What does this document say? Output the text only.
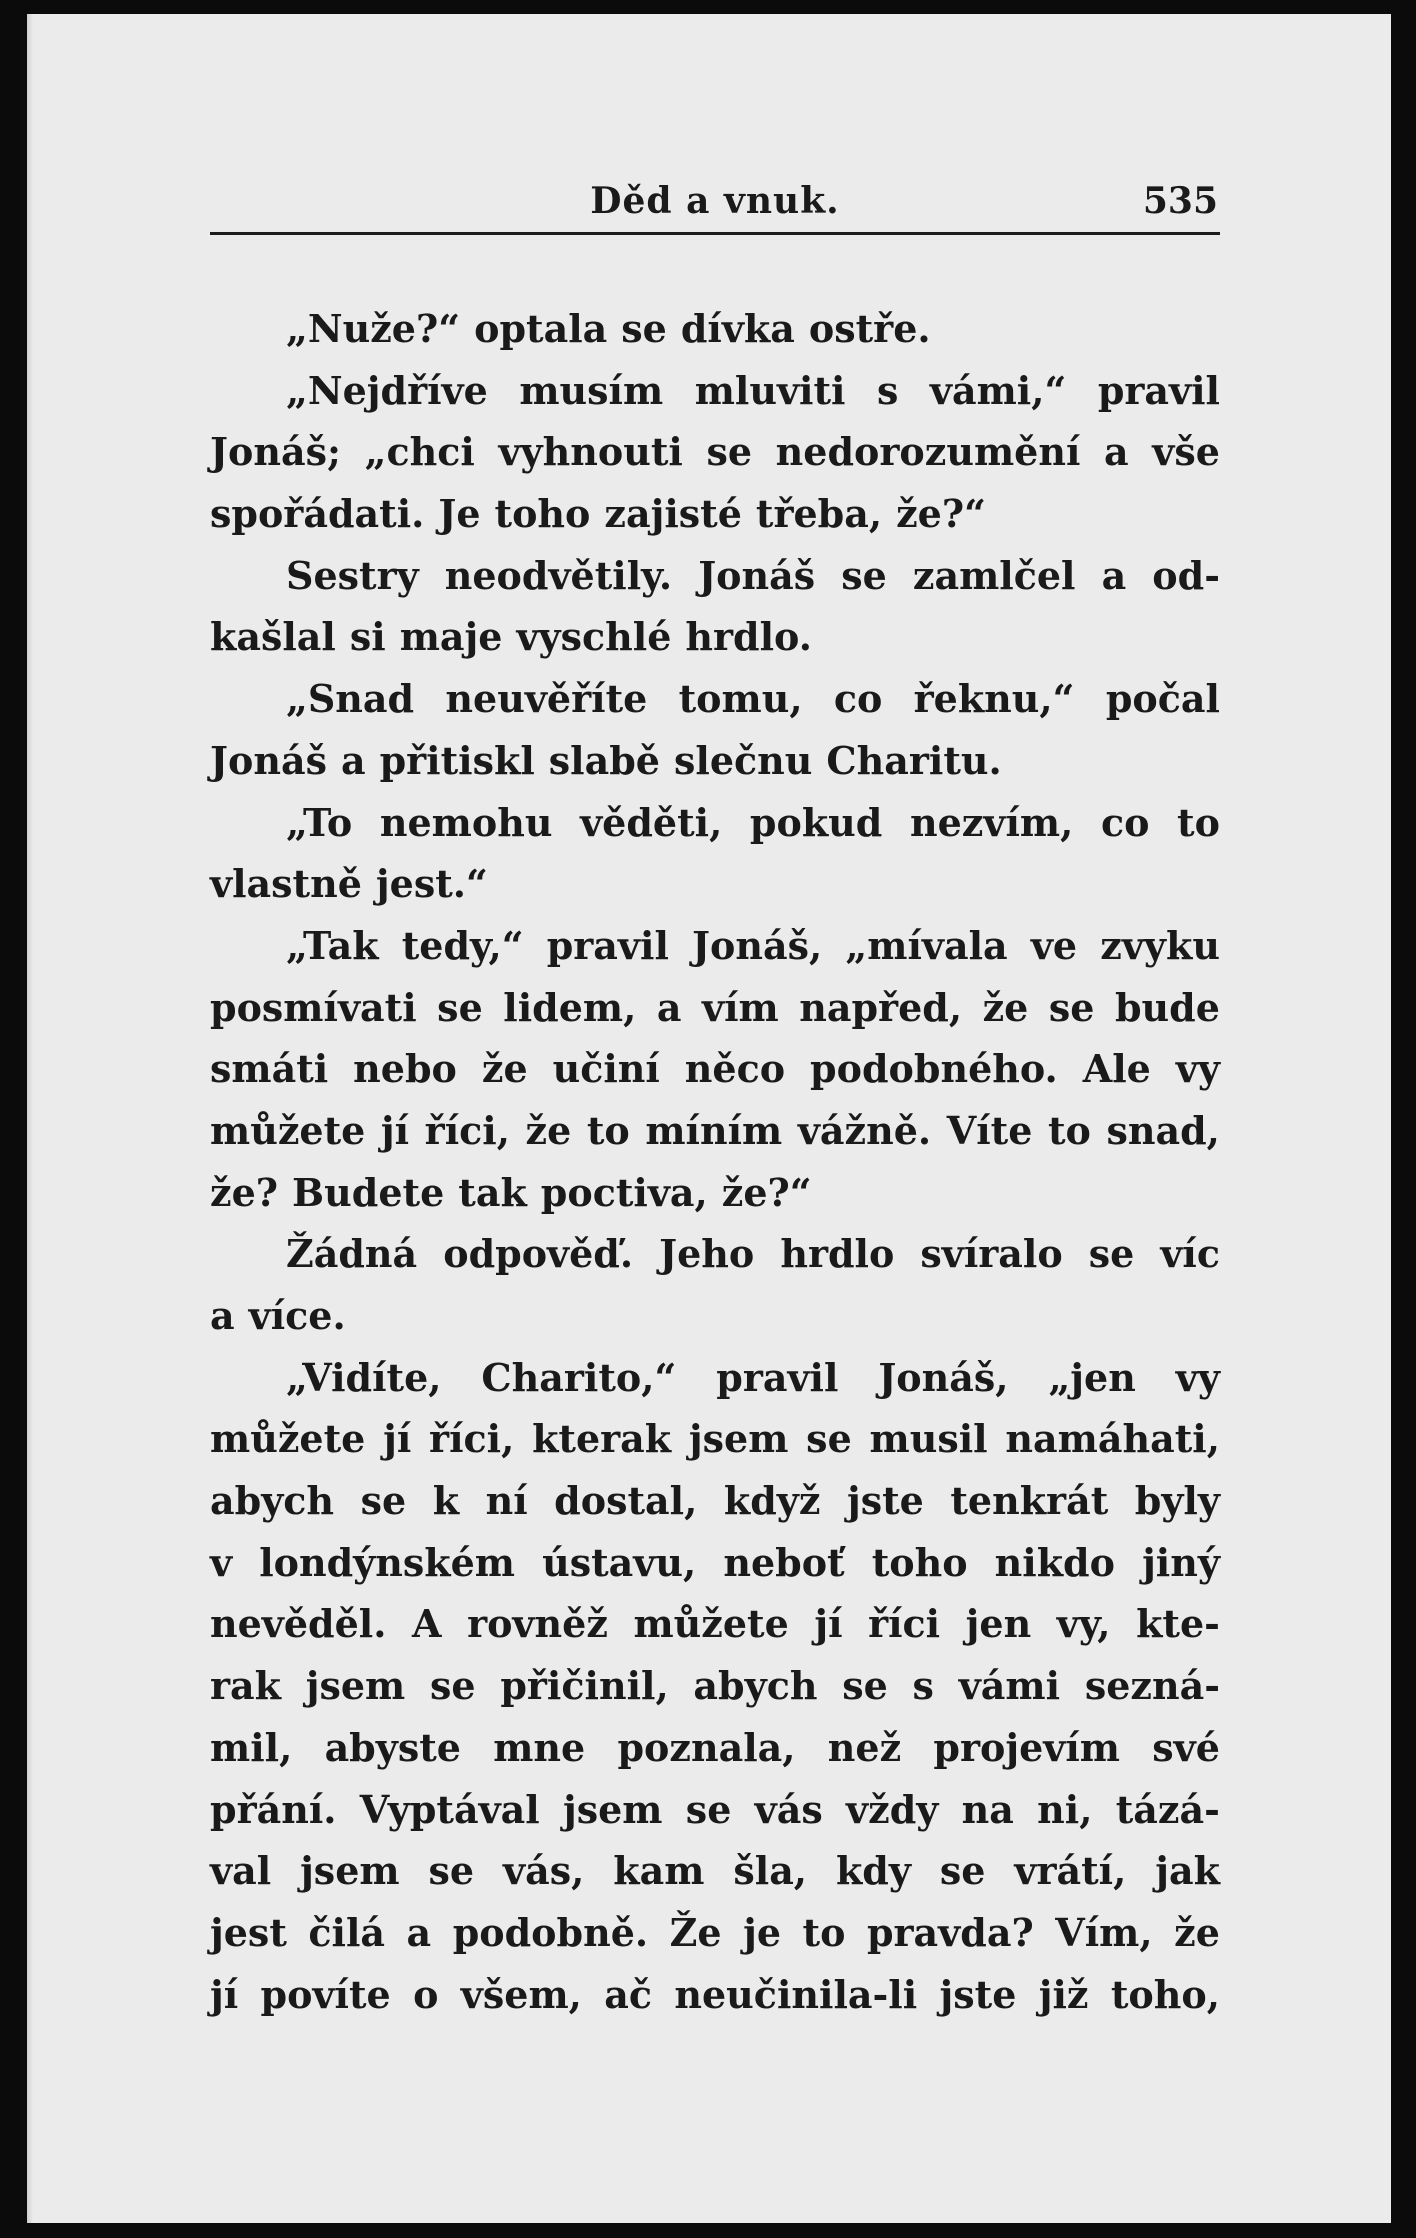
Děd a vnuk.	535
„Nuže?“ optala se dívka ostře.
„Nejdříve musím mluviti s vámi,“ pravil
Jonáš; „chci vyhnouti se nedorozumění a vše
spořádati. Je toho zajisté třeba, že?“
Sestry neodvětily. Jonáš se zamlčel a od-
kašlal si maje vyschlé hrdlo.
„Snad neuvěříte tomu, co řeknu,“ počal
Jonáš a přitiskl slabě slečnu Charitu.
„To nemohu věděti, pokud nezvím, co to
vlastně jest.“
„Tak tedy,“ pravil Jonáš, „mívala ve zvyku
posmívati se lidem, a vím napřed, že se bude
smáti nebo že učiní něco podobného. Ale vy
můžete jí říci, že to míním vážně. Víte to snad,
že? Budete tak poctiva, že?“
Žádná odpověď. Jeho hrdlo svíralo se víc
a více.
„Vidíte, Charito,“ pravil Jonáš, „jen vy
můžete jí říci, kterak jsem se musil namáhati,
abych se k ní dostal, když jste tenkrát byly
v londýnském ústavu, neboť toho nikdo jiný
nevěděl. A rovněž můžete jí říci jen vy, kte-
rak jsem se přičinil, abych se s vámi sezná-
mil, abyste mne poznala, než projevím své
přání. Vyptával jsem se vás vždy na ni, tázá-
val jsem se vás, kam šla, kdy se vrátí, jak
jest čilá a podobně. Že je to pravda? Vím, že
jí povíte o všem, ač neučinila-li jste již toho,
